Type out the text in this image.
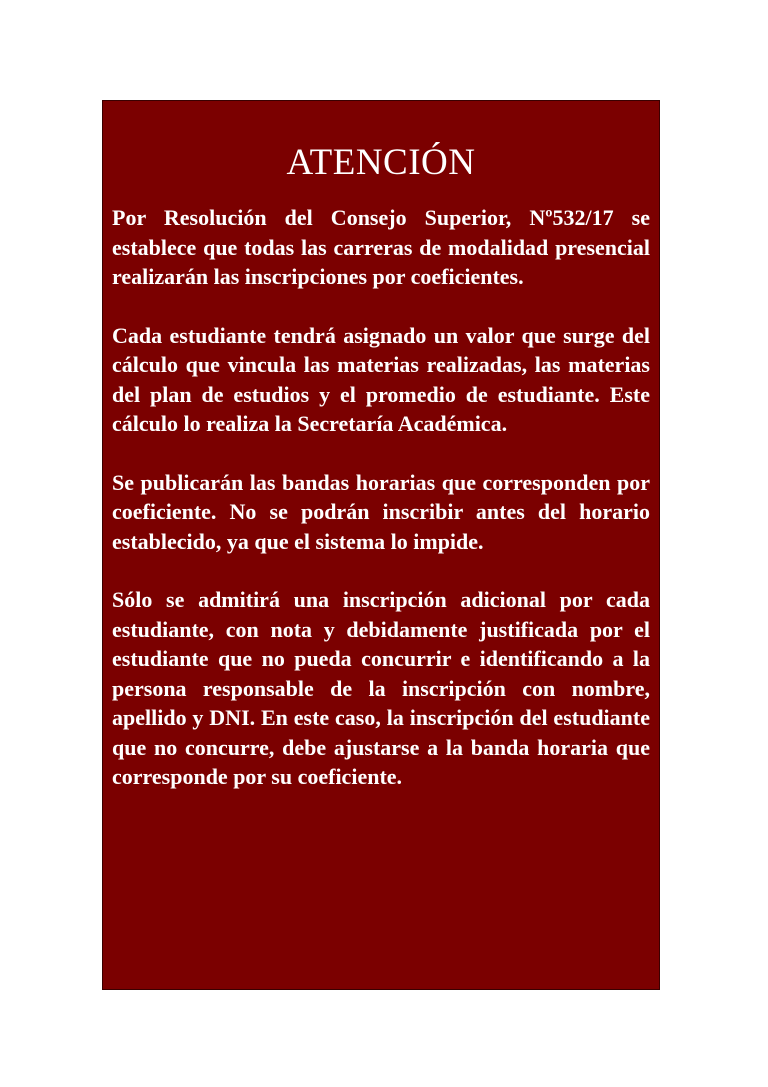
ATENCIÓN

Por Resolución del Consejo Superior, Nº532/17 se establece que todas las carreras de modalidad presencial realizarán las inscripciones por coeficientes.

Cada estudiante tendrá asignado un valor que surge del cálculo que vincula las materias realizadas, las materias del plan de estudios y el promedio de estudiante. Este cálculo lo realiza la Secretaría Académica.

Se publicarán las bandas horarias que corresponden por coeficiente. No se podrán inscribir antes del horario establecido, ya que el sistema lo impide.

Sólo se admitirá una inscripción adicional por cada estudiante, con nota y debidamente justificada por el estudiante que no pueda concurrir e identificando a la persona responsable de la inscripción con nombre, apellido y DNI. En este caso, la inscripción del estudiante que no concurre, debe ajustarse a la banda horaria que corresponde por su coeficiente.
